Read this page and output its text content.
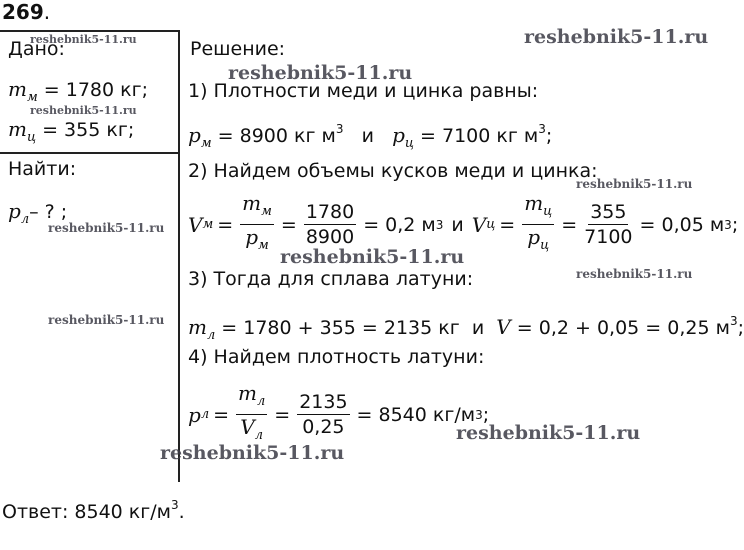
269.
Дано:
$m_м = 1780$ кг;
$m_ц = 355$ кг;
Найти:
$p_л-$ ? ;
Решение:
1) Плотности меди и цинка равны:
$p_м = 8900$ кг $м^3$ и $p_ц = 7100$ кг $м^3$;
2) Найдем объемы кусков меди и цинка:
V $м = \frac{m_м}{p_м} = \frac{1780}{8900} = 0,2$ м 3 и V $ц = \frac{m_ц}{p_ц} = \frac{355}{7100} = 0,05$ м 3 ;
3) Тогда для сплава латуни:
$m_л = 1780 + 355 = 2135$ кг и V = 0,2 + 0,05 = 0,25 $м^3$;
4) Найдем плотность латуни:
p $л = \frac{m_л}{V_л} = \frac{2135}{0,25} = 8540$ кг/м 3 ;
Ответ: 8540 $кг/м^3$.
reshebnik5-11.ru
reshebnik5-11.ru
reshebnik5-11.ru
reshebnik5-11.ru
reshebnik5-11.ru
reshebnik5-11.ru
reshebnik5-11.ru
reshebnik5-11.ru
reshebnik5-11.ru
reshebnik5-11.ru
reshebnik5-11.ru
